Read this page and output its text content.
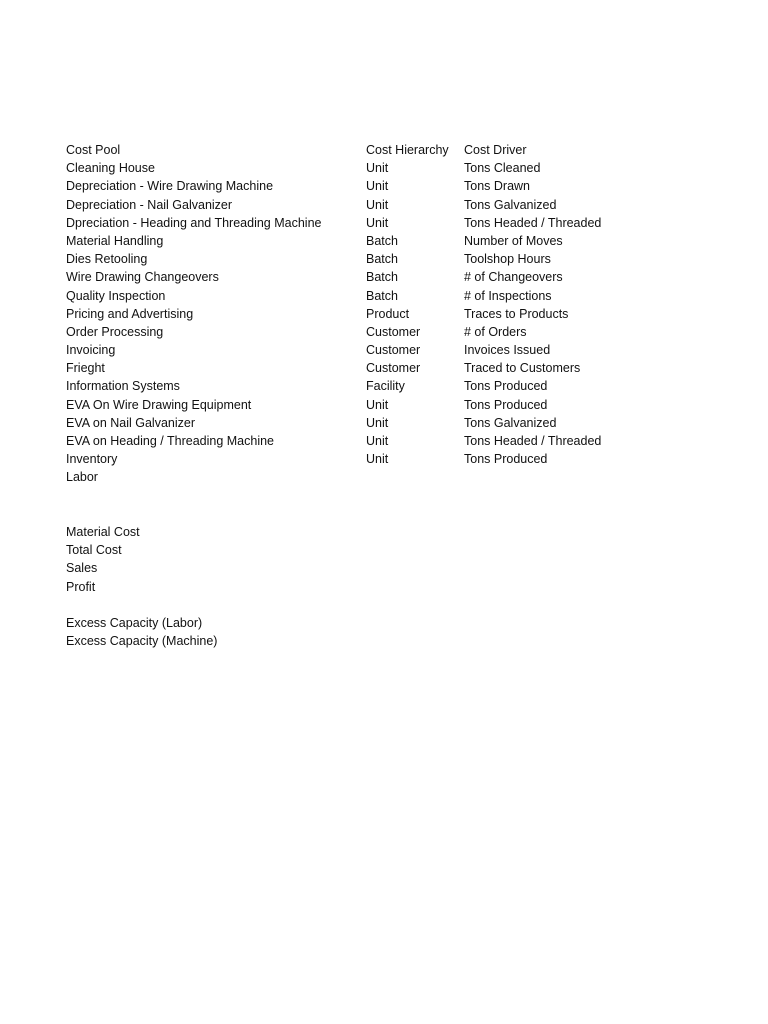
Cost Pool	Cost Hierarchy	Cost Driver
Cleaning House	Unit	Tons Cleaned
Depreciation - Wire Drawing Machine	Unit	Tons Drawn
Depreciation - Nail Galvanizer	Unit	Tons Galvanized
Dpreciation - Heading and Threading Machine	Unit	Tons Headed / Threaded
Material Handling	Batch	Number of Moves
Dies Retooling	Batch	Toolshop Hours
Wire Drawing Changeovers	Batch	# of Changeovers
Quality Inspection	Batch	# of Inspections
Pricing and Advertising	Product	Traces to Products
Order Processing	Customer	# of Orders
Invoicing	Customer	Invoices Issued
Frieght	Customer	Traced to Customers
Information Systems	Facility	Tons Produced
EVA On Wire Drawing Equipment	Unit	Tons Produced
EVA on Nail Galvanizer	Unit	Tons Galvanized
EVA on Heading / Threading Machine	Unit	Tons Headed / Threaded
Inventory	Unit	Tons Produced
Labor
Material Cost
Total Cost
Sales
Profit
Excess Capacity (Labor)
Excess Capacity (Machine)
